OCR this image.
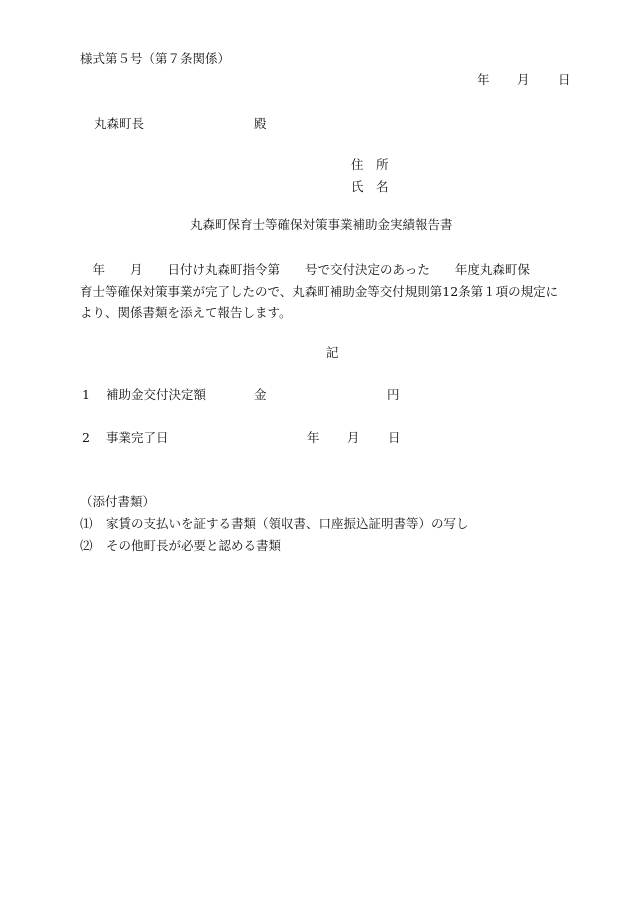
様式第５号（第７条関係）
年 月 日
丸森町長	殿
住　所
氏　名
丸森町保育士等確保対策事業補助金実績報告書
　年　　月　　日付け丸森町指令第　　号で交付決定のあった　　年度丸森町保
育士等確保対策事業が完了したので、丸森町補助金等交付規則第12条第１項の規定に
より、関係書類を添えて報告します。
記
1 補助金交付決定額	金	円
2 事業完了日	年 月 日
（添付書類）
⑴ 家賃の支払いを証する書類（領収書、口座振込証明書等）の写し
⑵ その他町長が必要と認める書類
